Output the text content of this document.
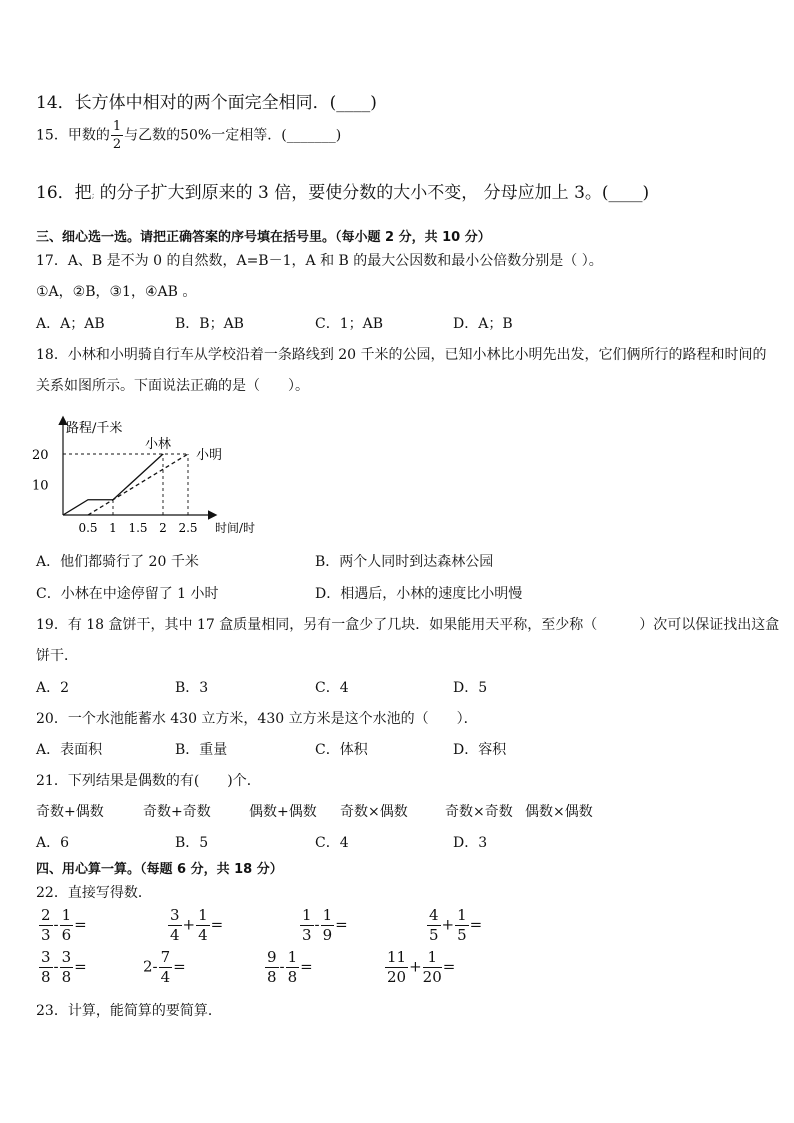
14．长方体中相对的两个面完全相同．(____)
15．甲数的 $\frac{1}{2}$ 与乙数的50%一定相等．(_______)
16．把; 的分子扩大到原来的 3 倍，要使分数的大小不变， 分母应加上 3。(____)
三、细心选一选。请把正确答案的序号填在括号里。（每小题 2 分，共 10 分）
17．A、B 是不为 0 的自然数，A=B－1，A 和 B 的最大公因数和最小公倍数分别是（ ）。
①A，②B，③1，④AB 。
A．A；AB	B．B；AB	C．1；AB	D．A；B
18．小林和小明骑自行车从学校沿着一条路线到 20 千米的公园，已知小林比小明先出发，它们俩所行的路程和时间的
关系如图所示。下面说法正确的是（　　）。
路程/千米
时间/时
10
20
0.5 1 1.5 2 2.5
小林
小明
A．他们都骑行了 20 千米	B．两个人同时到达森林公园
C．小林在中途停留了 1 小时	D．相遇后，小林的速度比小明慢
19．有 18 盒饼干，其中 17 盒质量相同，另有一盒少了几块．如果能用天平称，至少称（　　　）次可以保证找出这盒
饼干．
A．2	B．3	C．4	D．5
20．一个水池能蓄水 430 立方米，430 立方米是这个水池的（　　）．
A．表面积	B．重量	C．体积	D．容积
21．下列结果是偶数的有(　　)个．
奇数+偶数	奇数+奇数	偶数+偶数 奇数×偶数	奇数×奇数 偶数×偶数
A．6	B．5	C．4	D．3
四、用心算一算。（每题 6 分，共 18 分）
22．直接写得数．
$\frac{2}{3} - \frac{1}{6}$ =	$\frac{3}{4} + \frac{1}{4}$ =	$\frac{1}{3} - \frac{1}{9}$ =	$\frac{4}{5} + \frac{1}{5}$ =
$\frac{3}{8} - \frac{3}{8}$ =	$2- \frac{7}{4}$ =	$\frac{9}{8} - \frac{1}{8}$ =	$\frac{11}{20} + \frac{1}{20}$ =
23．计算，能简算的要简算．
